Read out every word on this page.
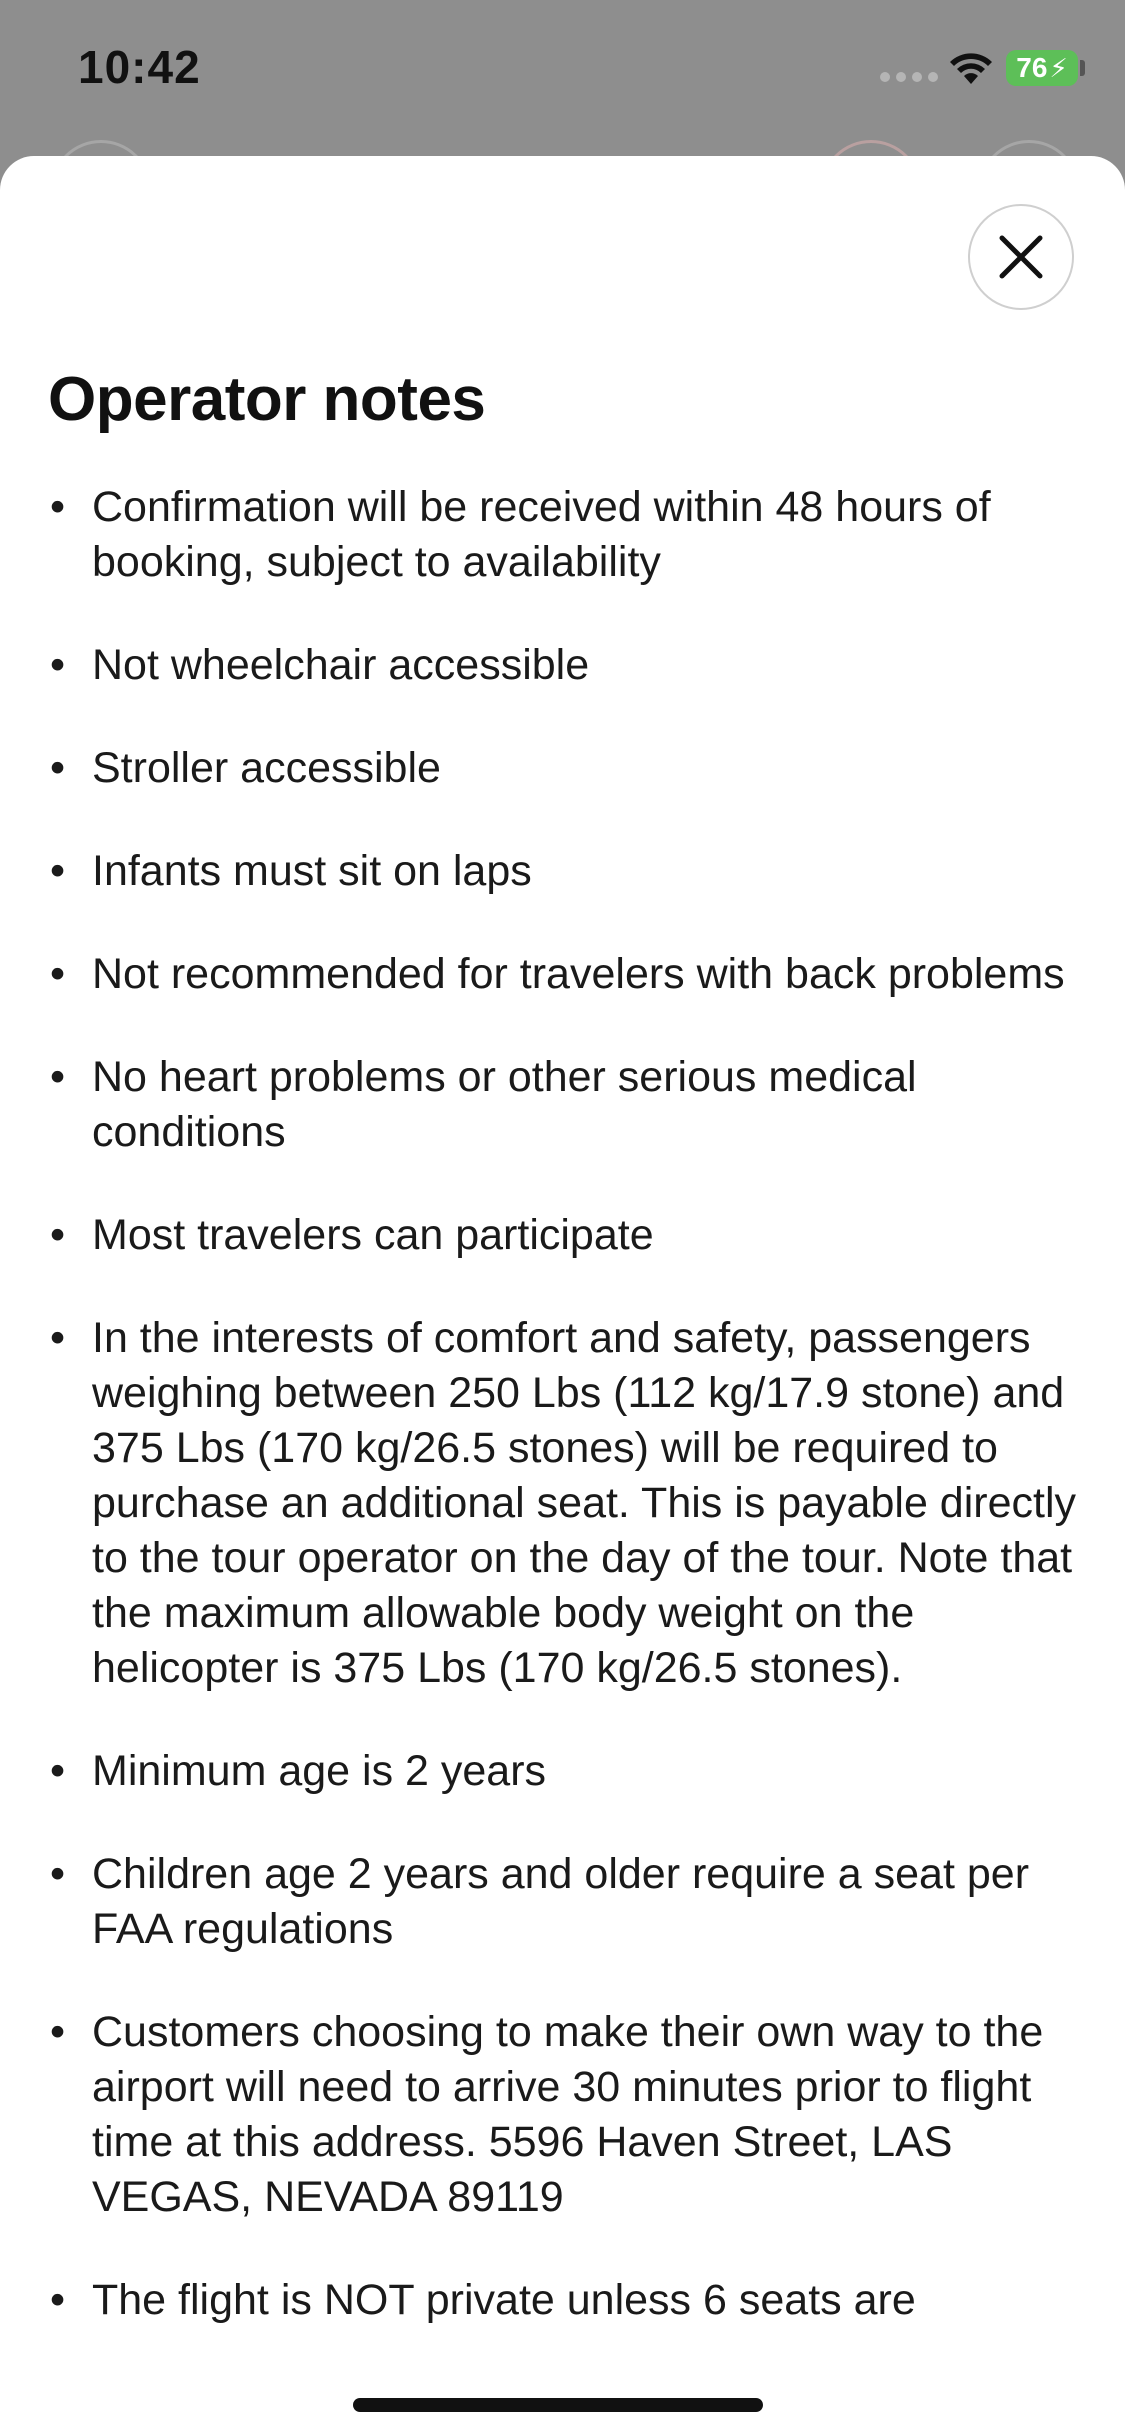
10:42	76 ⚡
Operator notes
• Confirmation will be received within 48 hours of booking, subject to availability
• Not wheelchair accessible
• Stroller accessible
• Infants must sit on laps
• Not recommended for travelers with back problems
• No heart problems or other serious medical conditions
• Most travelers can participate
• In the interests of comfort and safety, passengers weighing between 250 Lbs (112 kg/17.9 stone) and 375 Lbs (170 kg/26.5 stones) will be required to purchase an additional seat. This is payable directly to the tour operator on the day of the tour. Note that the maximum allowable body weight on the helicopter is 375 Lbs (170 kg/26.5 stones).
• Minimum age is 2 years
• Children age 2 years and older require a seat per FAA regulations
• Customers choosing to make their own way to the airport will need to arrive 30 minutes prior to flight time at this address. 5596 Haven Street, LAS VEGAS, NEVADA 89119
• The flight is NOT private unless 6 seats are
